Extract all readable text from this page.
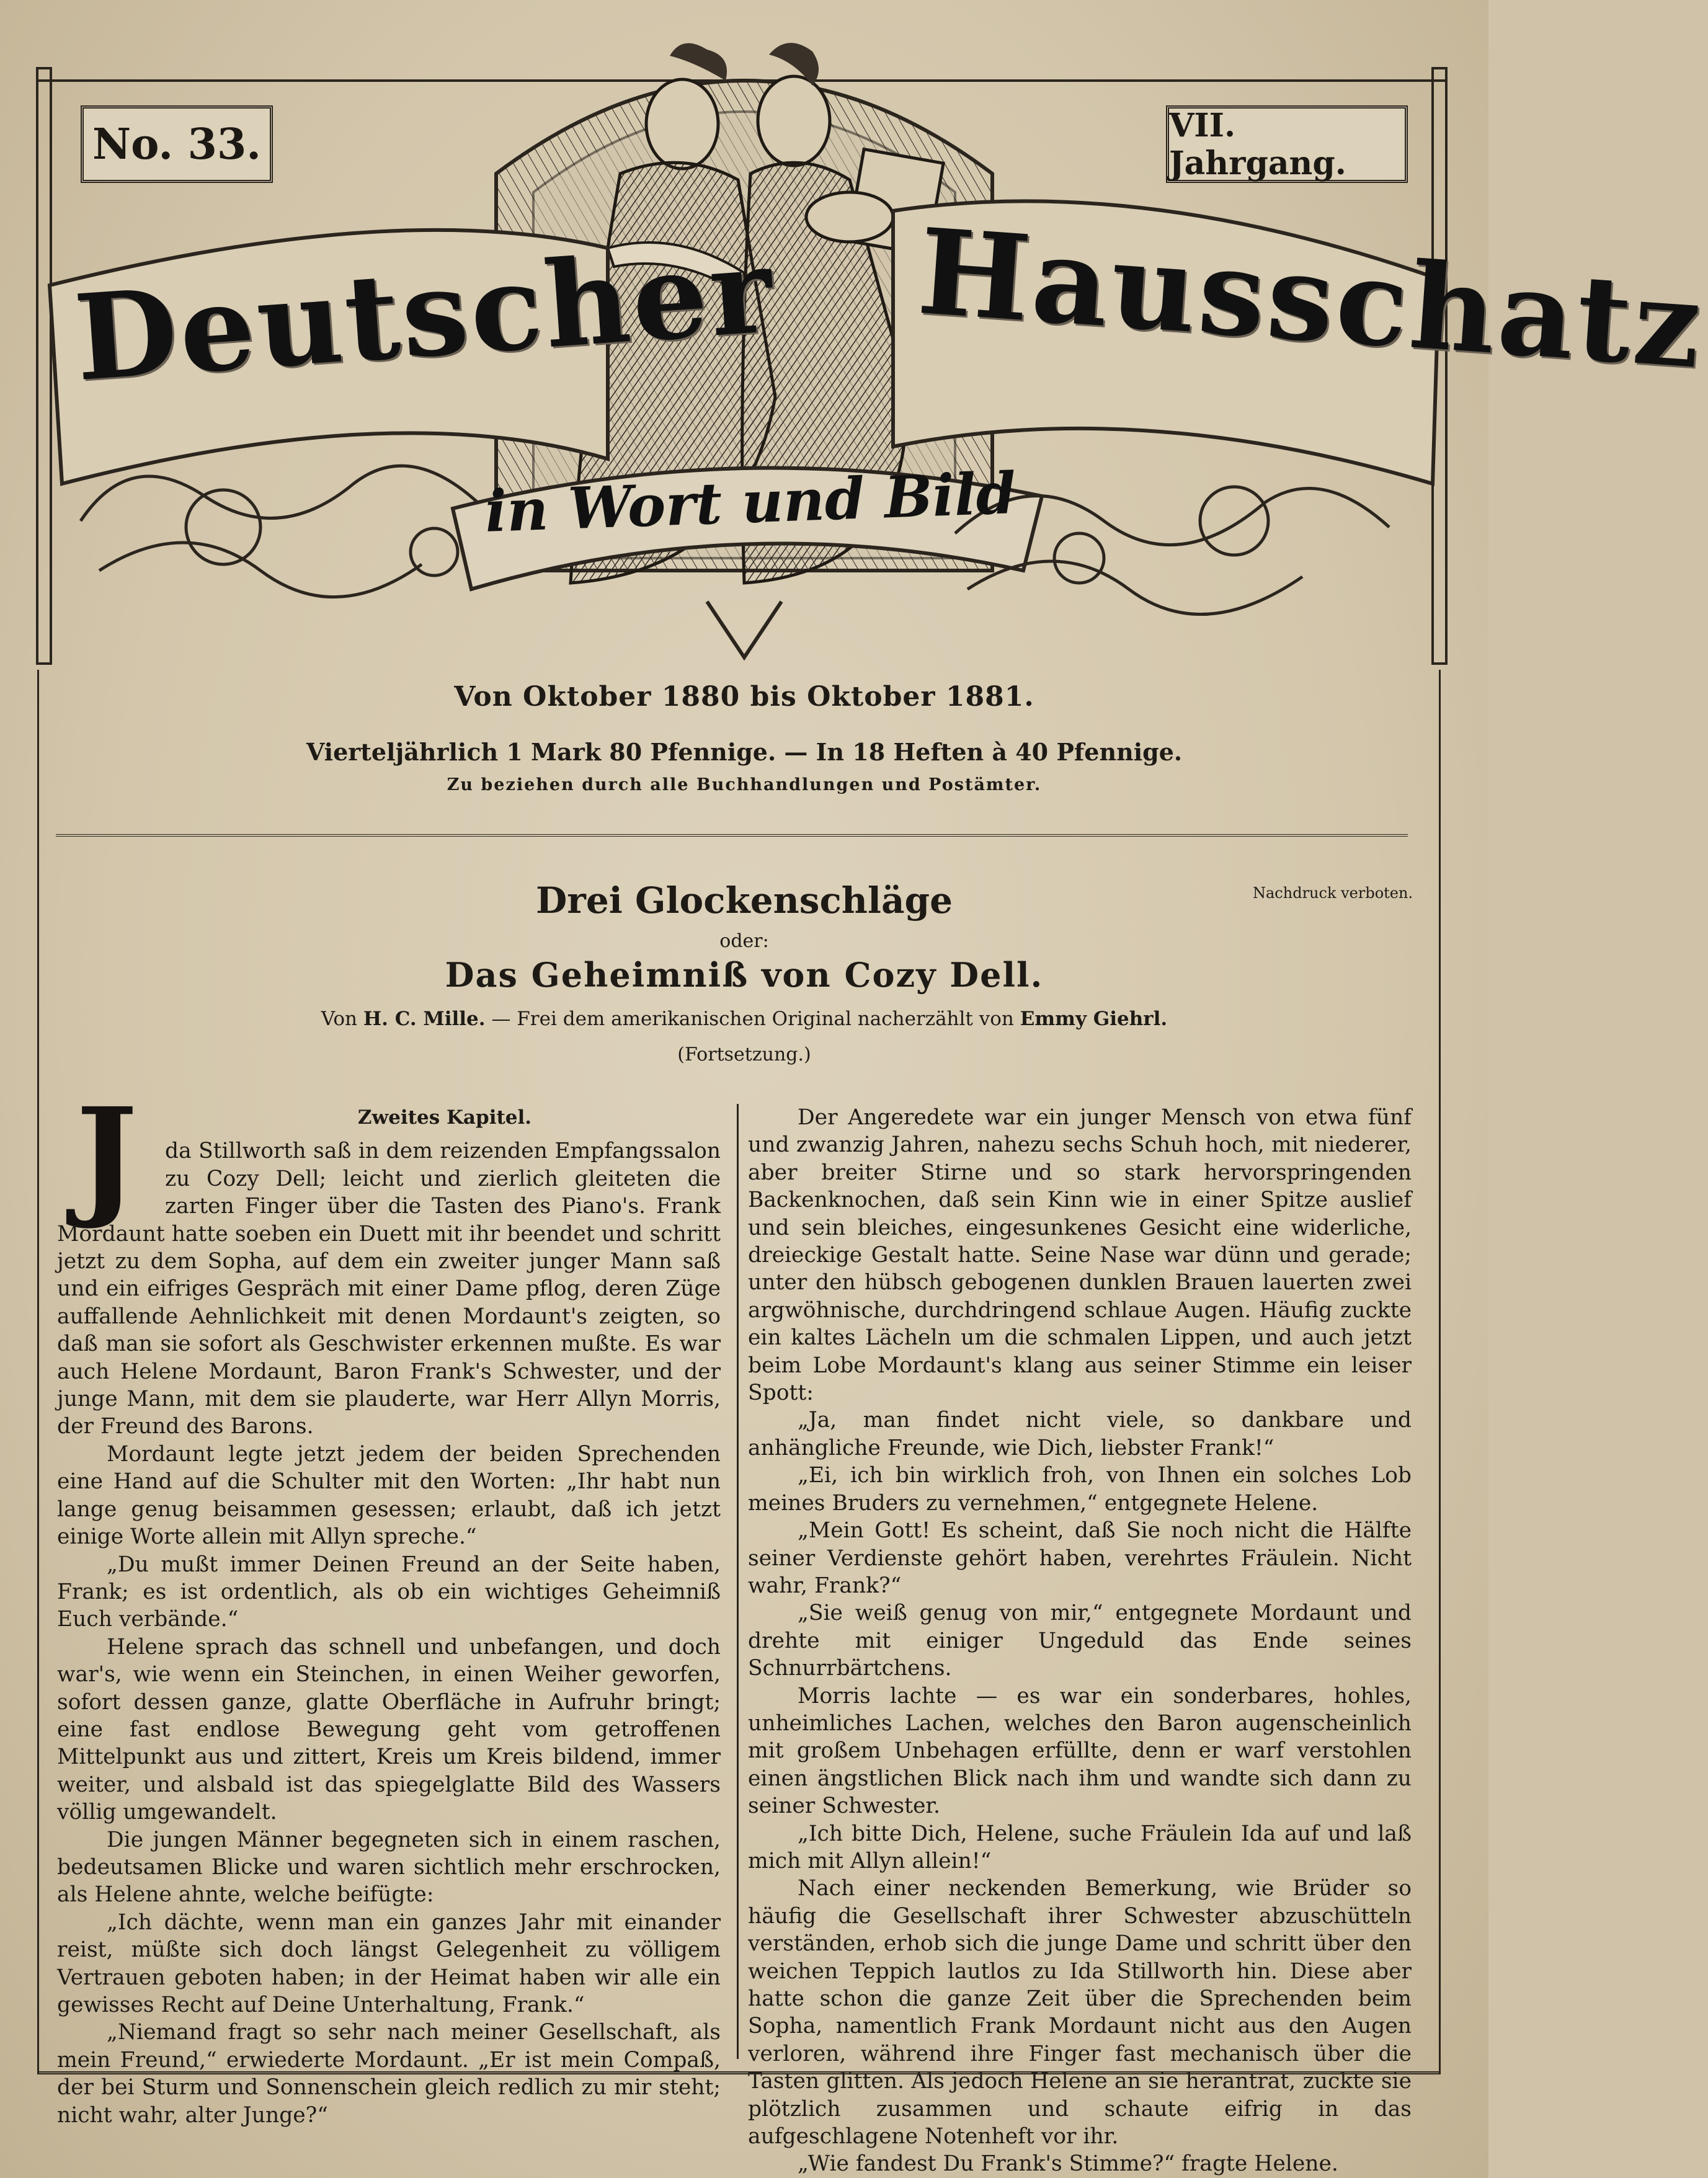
No. 33.	VII. Jahrgang.
Deutscher Hausschatz
in Wort und Bild
Von Oktober 1880 bis Oktober 1881.
Vierteljährlich 1 Mark 80 Pfennige. — In 18 Heften à 40 Pfennige.
Zu beziehen durch alle Buchhandlungen und Postämter.
Nachdruck verboten.
Drei Glockenschläge
oder:
Das Geheimniß von Cozy Dell.
Von H. C. Mille. — Frei dem amerikanischen Original nacherzählt von Emmy Giehrl.
(Fortsetzung.)
Zweites Kapitel.
J	da Stillworth saß in dem reizenden Empfangssalon zu Cozy Dell; leicht und zierlich gleiteten die zarten Finger über die Tasten des Piano's. Frank Mordaunt hatte soeben ein Duett mit ihr beendet und schritt jetzt zu dem Sopha, auf dem ein zweiter junger Mann saß und ein eifriges Gespräch mit einer Dame pflog, deren Züge auffallende Aehnlichkeit mit denen Mordaunt's zeigten, so daß man sie sofort als Geschwister erkennen mußte. Es war auch Helene Mordaunt, Baron Frank's Schwester, und der junge Mann, mit dem sie plauderte, war Herr Allyn Morris, der Freund des Barons.

Mordaunt legte jetzt jedem der beiden Sprechenden eine Hand auf die Schulter mit den Worten: „Ihr habt nun lange genug beisammen gesessen; erlaubt, daß ich jetzt einige Worte allein mit Allyn spreche.“

„Du mußt immer Deinen Freund an der Seite haben, Frank; es ist ordentlich, als ob ein wichtiges Geheimniß Euch verbände.“

Helene sprach das schnell und unbefangen, und doch war's, wie wenn ein Steinchen, in einen Weiher geworfen, sofort dessen ganze, glatte Oberfläche in Aufruhr bringt; eine fast endlose Bewegung geht vom getroffenen Mittelpunkt aus und zittert, Kreis um Kreis bildend, immer weiter, und alsbald ist das spiegelglatte Bild des Wassers völlig umgewandelt.

Die jungen Männer begegneten sich in einem raschen, bedeutsamen Blicke und waren sichtlich mehr erschrocken, als Helene ahnte, welche beifügte:

„Ich dächte, wenn man ein ganzes Jahr mit einander reist, müßte sich doch längst Gelegenheit zu völligem Vertrauen geboten haben; in der Heimat haben wir alle ein gewisses Recht auf Deine Unterhaltung, Frank.“

„Niemand fragt so sehr nach meiner Gesellschaft, als mein Freund,“ erwiederte Mordaunt. „Er ist mein Compaß, der bei Sturm und Sonnenschein gleich redlich zu mir steht; nicht wahr, alter Junge?“

Der Angeredete war ein junger Mensch von etwa fünf und zwanzig Jahren, nahezu sechs Schuh hoch, mit niederer, aber breiter Stirne und so stark hervorspringenden Backenknochen, daß sein Kinn wie in einer Spitze auslief und sein bleiches, eingesunkenes Gesicht eine widerliche, dreieckige Gestalt hatte. Seine Nase war dünn und gerade; unter den hübsch gebogenen dunklen Brauen lauerten zwei argwöhnische, durchdringend schlaue Augen. Häufig zuckte ein kaltes Lächeln um die schmalen Lippen, und auch jetzt beim Lobe Mordaunt's klang aus seiner Stimme ein leiser Spott:

„Ja, man findet nicht viele, so dankbare und anhängliche Freunde, wie Dich, liebster Frank!“

„Ei, ich bin wirklich froh, von Ihnen ein solches Lob meines Bruders zu vernehmen,“ entgegnete Helene.

„Mein Gott! Es scheint, daß Sie noch nicht die Hälfte seiner Verdienste gehört haben, verehrtes Fräulein. Nicht wahr, Frank?“

„Sie weiß genug von mir,“ entgegnete Mordaunt und drehte mit einiger Ungeduld das Ende seines Schnurrbärtchens.

Morris lachte — es war ein sonderbares, hohles, unheimliches Lachen, welches den Baron augenscheinlich mit großem Unbehagen erfüllte, denn er warf verstohlen einen ängstlichen Blick nach ihm und wandte sich dann zu seiner Schwester.

„Ich bitte Dich, Helene, suche Fräulein Ida auf und laß mich mit Allyn allein!“

Nach einer neckenden Bemerkung, wie Brüder so häufig die Gesellschaft ihrer Schwester abzuschütteln verständen, erhob sich die junge Dame und schritt über den weichen Teppich lautlos zu Ida Stillworth hin. Diese aber hatte schon die ganze Zeit über die Sprechenden beim Sopha, namentlich Frank Mordaunt nicht aus den Augen verloren, während ihre Finger fast mechanisch über die Tasten glitten. Als jedoch Helene an sie herantrat, zuckte sie plötzlich zusammen und schaute eifrig in das aufgeschlagene Notenheft vor ihr.

„Wie fandest Du Frank's Stimme?“ fragte Helene.
